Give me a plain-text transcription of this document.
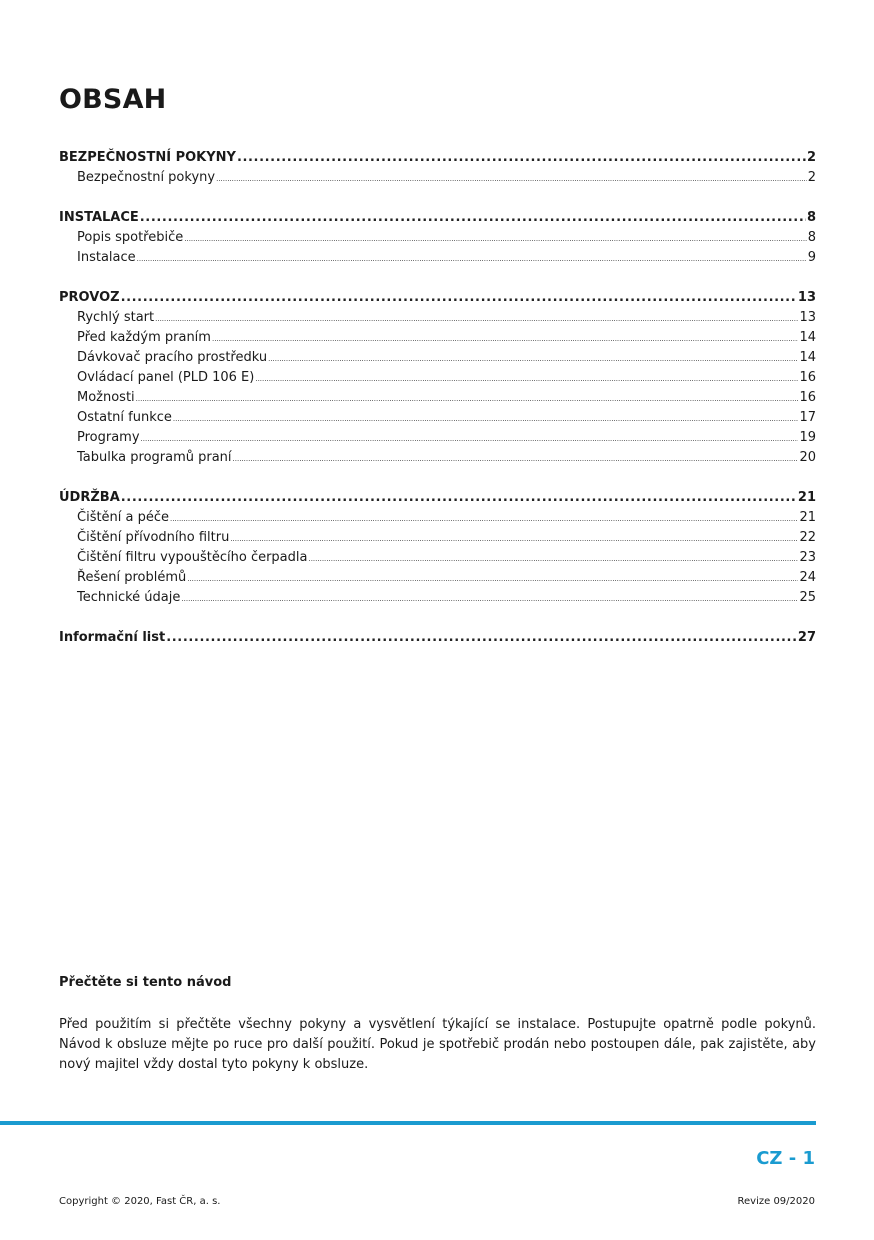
OBSAH
BEZPEČNOSTNÍ POKYNY .....	2
Bezpečnostní pokyny .....	2
INSTALACE .....	8
Popis spotřebiče .....	8
Instalace .....	9
PROVOZ .....	13
Rychlý start .....	13
Před každým praním .....	14
Dávkovač pracího prostředku .....	14
Ovládací panel (PLD 106 E) .....	16
Možnosti .....	16
Ostatní funkce .....	17
Programy .....	19
Tabulka programů praní .....	20
ÚDRŽBA .....	21
Čištění a péče .....	21
Čištění přívodního filtru .....	22
Čištění filtru vypouštěcího čerpadla .....	23
Řešení problémů .....	24
Technické údaje .....	25
Informační list .....	27
Přečtěte si tento návod

Před použitím si přečtěte všechny pokyny a vysvětlení týkající se instalace. Postupujte opatrně podle pokynů. Návod k obsluze mějte po ruce pro další použití. Pokud je spotřebič prodán nebo postoupen dále, pak zajistěte, aby nový majitel vždy dostal tyto pokyny k obsluze.

CZ - 1
Copyright © 2020, Fast ČR, a. s.	Revize 09/2020
